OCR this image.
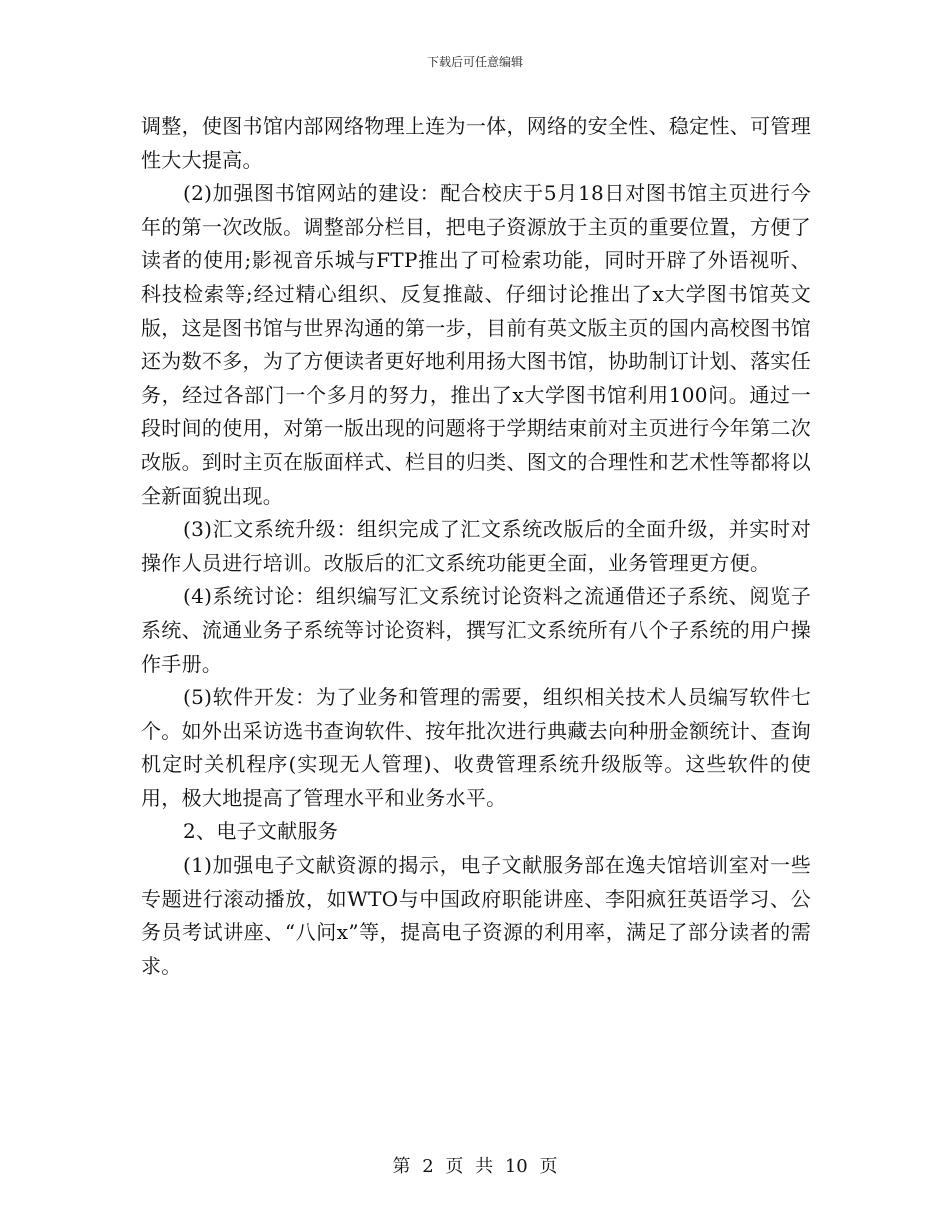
下载后可任意编辑

调整，使图书馆内部网络物理上连为一体，网络的安全性、稳定性、可管理性大大提高。

(2)加强图书馆网站的建设：配合校庆于5月18日对图书馆主页进行今年的第一次改版。调整部分栏目，把电子资源放于主页的重要位置，方便了读者的使用;影视音乐城与FTP推出了可检索功能，同时开辟了外语视听、科技检索等;经过精心组织、反复推敲、仔细讨论推出了x大学图书馆英文版，这是图书馆与世界沟通的第一步，目前有英文版主页的国内高校图书馆还为数不多，为了方便读者更好地利用扬大图书馆，协助制订计划、落实任务，经过各部门一个多月的努力，推出了x大学图书馆利用100问。通过一段时间的使用，对第一版出现的问题将于学期结束前对主页进行今年第二次改版。到时主页在版面样式、栏目的归类、图文的合理性和艺术性等都将以全新面貌出现。

(3)汇文系统升级：组织完成了汇文系统改版后的全面升级，并实时对操作人员进行培训。改版后的汇文系统功能更全面，业务管理更方便。

(4)系统讨论：组织编写汇文系统讨论资料之流通借还子系统、阅览子系统、流通业务子系统等讨论资料，撰写汇文系统所有八个子系统的用户操作手册。

(5)软件开发：为了业务和管理的需要，组织相关技术人员编写软件七个。如外出采访选书查询软件、按年批次进行典藏去向种册金额统计、查询机定时关机程序(实现无人管理)、收费管理系统升级版等。这些软件的使用，极大地提高了管理水平和业务水平。

2、电子文献服务

(1)加强电子文献资源的揭示，电子文献服务部在逸夫馆培训室对一些专题进行滚动播放，如WTO与中国政府职能讲座、李阳疯狂英语学习、公务员考试讲座、“八问x”等，提高电子资源的利用率，满足了部分读者的需求。

第 2 页 共 10 页
